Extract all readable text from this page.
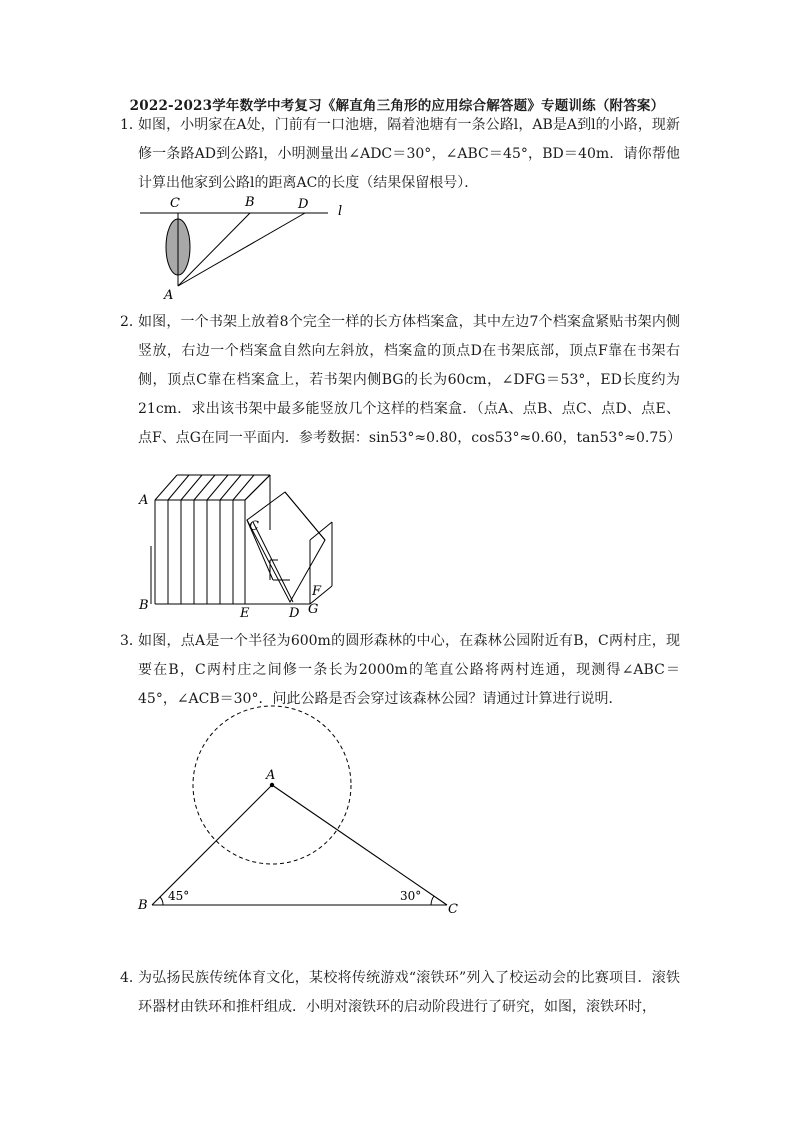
2022-2023学年数学中考复习《解直角三角形的应用综合解答题》专题训练（附答案）
1．
如图，小明家在A处，门前有一口池塘，隔着池塘有一条公路l，AB是A到l的小路，现新修一条路AD到公路l，小明测量出∠ADC＝30°，∠ABC＝45°，BD＝40m．请你帮他计算出他家到公路l的距离AC的长度（结果保留根号）．
C	B	D l
A
2．
如图，一个书架上放着8个完全一样的长方体档案盒，其中左边7个档案盒紧贴书架内侧竖放，右边一个档案盒自然向左斜放，档案盒的顶点D在书架底部，顶点F靠在书架右侧，顶点C靠在档案盒上，若书架内侧BG的长为60cm，∠DFG＝53°，ED长度约为21cm．求出该书架中最多能竖放几个这样的档案盒．（点A、点B、点C、点D、点E、点F、点G在同一平面内．参考数据：sin53°≈0.80，cos53°≈0.60，tan53°≈0.75）
A
B
C
E	D G
F
3．
如图，点A是一个半径为600m的圆形森林的中心，在森林公园附近有B，C两村庄，现要在B，C两村庄之间修一条长为2000m的笔直公路将两村连通，现测得∠ABC＝45°，∠ACB＝30°．问此公路是否会穿过该森林公园？请通过计算进行说明．
A
B	C
45°	30°
4．
为弘扬民族传统体育文化，某校将传统游戏“滚铁环”列入了校运动会的比赛项目．滚铁环器材由铁环和推杆组成．小明对滚铁环的启动阶段进行了研究，如图，滚铁环时，
